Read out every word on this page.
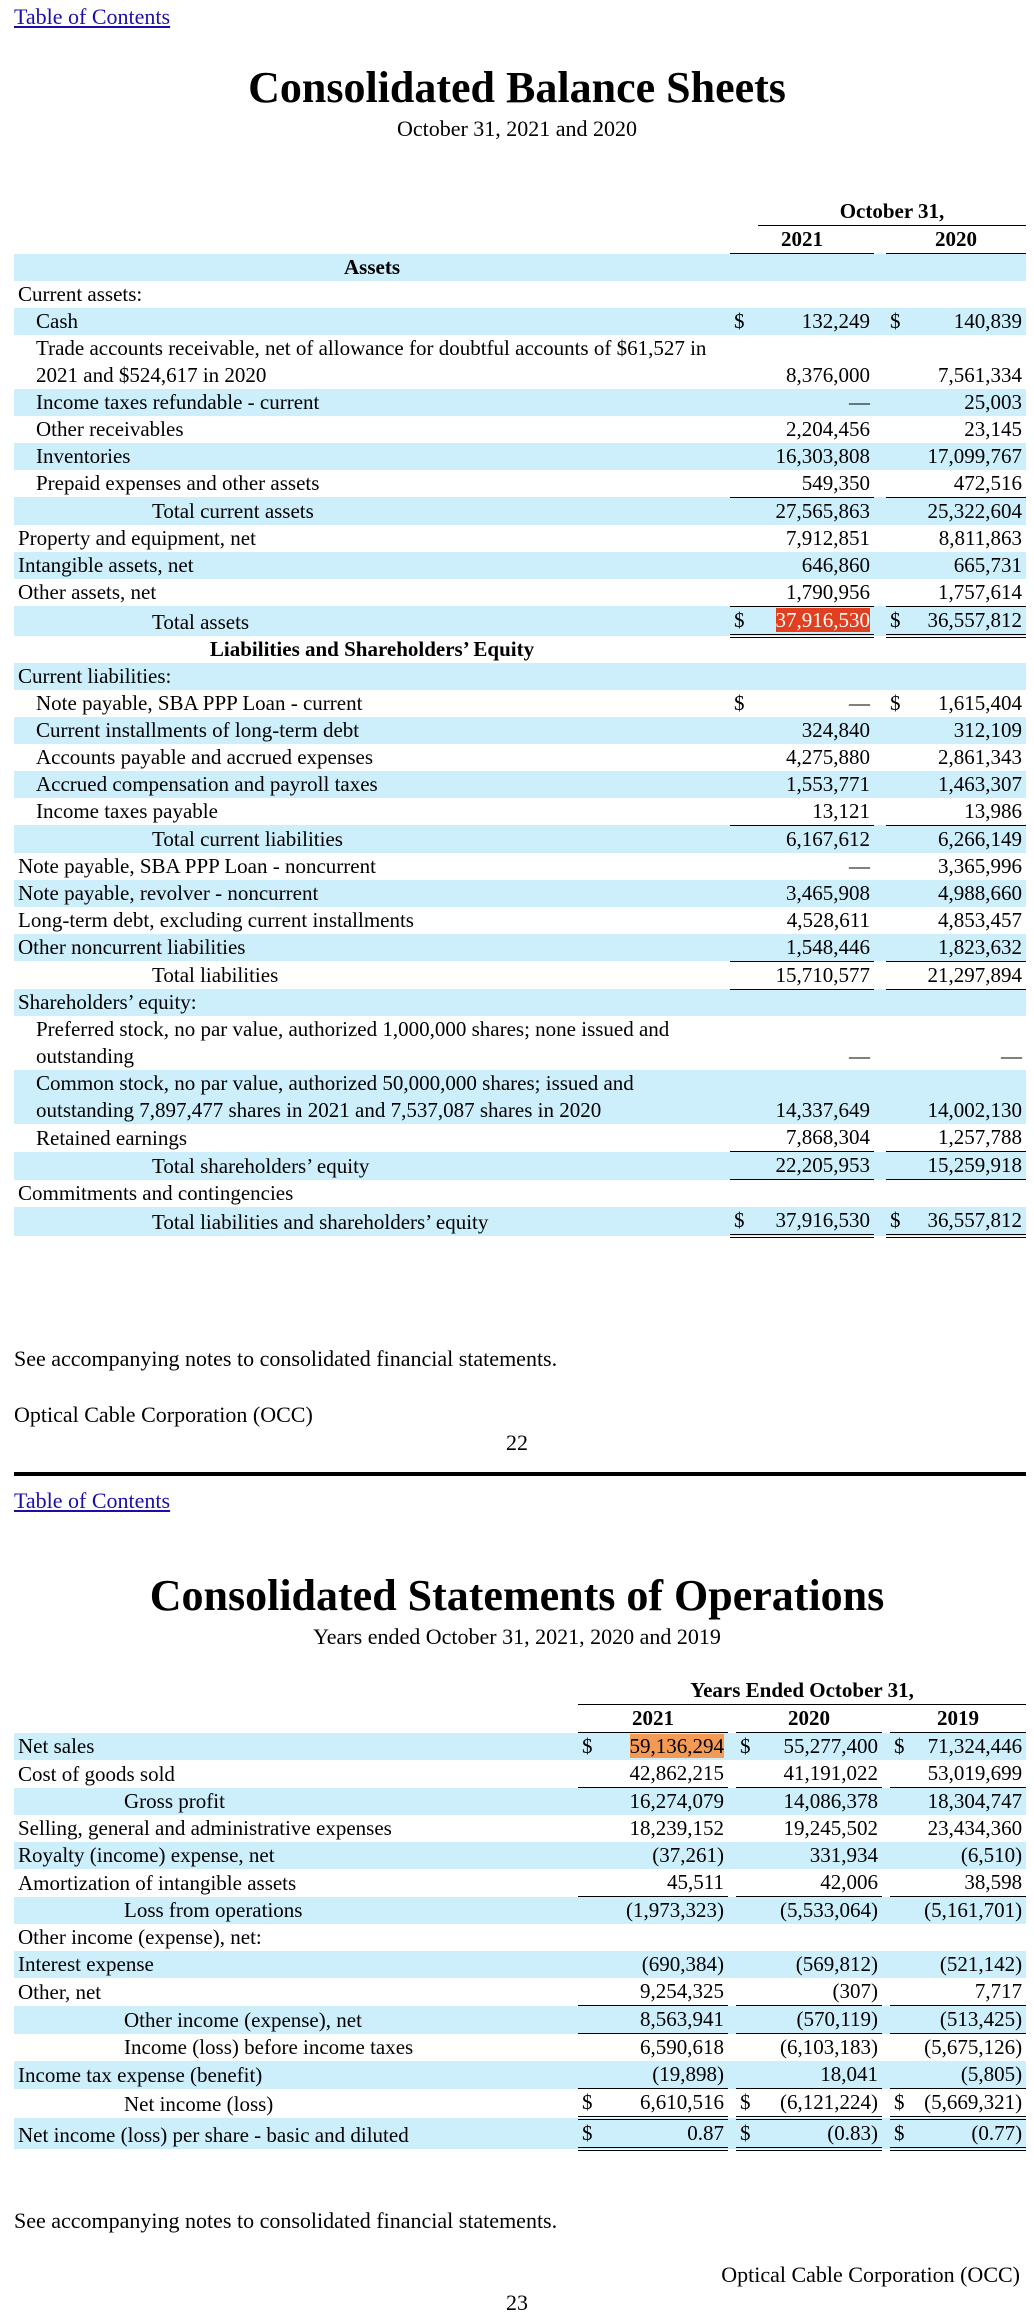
Table of Contents
Consolidated Balance Sheets
October 31, 2021 and 2020
		October 31,			
	2021			2020	
Assets					
Current assets:					
Cash	$	132,249		$	140,839
Trade accounts receivable, net of allowance for doubtful accounts of $61,527 in 2021 and $524,617 in 2020		8,376,000			7,561,334
Income taxes refundable - current		—			25,003
Other receivables		2,204,456			23,145
Inventories		16,303,808			17,099,767
Prepaid expenses and other assets		549,350			472,516
Total current assets		27,565,863			25,322,604
Property and equipment, net		7,912,851			8,811,863
Intangible assets, net		646,860			665,731
Other assets, net		1,790,956			1,757,614
Total assets	$	37,916,530		$	36,557,812
Liabilities and Shareholders’ Equity					
Current liabilities:					
Note payable, SBA PPP Loan - current	$	—		$	1,615,404
Current installments of long-term debt		324,840			312,109
Accounts payable and accrued expenses		4,275,880			2,861,343
Accrued compensation and payroll taxes		1,553,771			1,463,307
Income taxes payable		13,121			13,986
Total current liabilities		6,167,612			6,266,149
Note payable, SBA PPP Loan - noncurrent		—			3,365,996
Note payable, revolver - noncurrent		3,465,908			4,988,660
Long-term debt, excluding current installments		4,528,611			4,853,457
Other noncurrent liabilities		1,548,446			1,823,632
Total liabilities		15,710,577			21,297,894
Shareholders’ equity:					
Preferred stock, no par value, authorized 1,000,000 shares; none issued and outstanding		—			—
Common stock, no par value, authorized 50,000,000 shares; issued and outstanding 7,897,477 shares in 2021 and 7,537,087 shares in 2020		14,337,649			14,002,130
Retained earnings		7,868,304			1,257,788
Total shareholders’ equity		22,205,953			15,259,918
Commitments and contingencies					
Total liabilities and shareholders’ equity	$	37,916,530		$	36,557,812
See accompanying notes to consolidated financial statements.
Optical Cable Corporation (OCC)
22
Table of Contents
Consolidated Statements of Operations
Years ended October 31, 2021, 2020 and 2019
	Years Ended October 31,							
	2021			2020			2019	
Net sales	$	59,136,294		$	55,277,400		$	71,324,446
Cost of goods sold		42,862,215			41,191,022			53,019,699
Gross profit		16,274,079			14,086,378			18,304,747
Selling, general and administrative expenses		18,239,152			19,245,502			23,434,360
Royalty (income) expense, net		(37,261)			331,934			(6,510)
Amortization of intangible assets		45,511			42,006			38,598
Loss from operations		(1,973,323)			(5,533,064)			(5,161,701)
Other income (expense), net:								
Interest expense		(690,384)			(569,812)			(521,142)
Other, net		9,254,325			(307)			7,717
Other income (expense), net		8,563,941			(570,119)			(513,425)
Income (loss) before income taxes		6,590,618			(6,103,183)			(5,675,126)
Income tax expense (benefit)		(19,898)			18,041			(5,805)
Net income (loss)	$	6,610,516		$	(6,121,224)		$	(5,669,321)
Net income (loss) per share - basic and diluted	$	0.87		$	(0.83)		$	(0.77)
See accompanying notes to consolidated financial statements.
Optical Cable Corporation (OCC)
23
